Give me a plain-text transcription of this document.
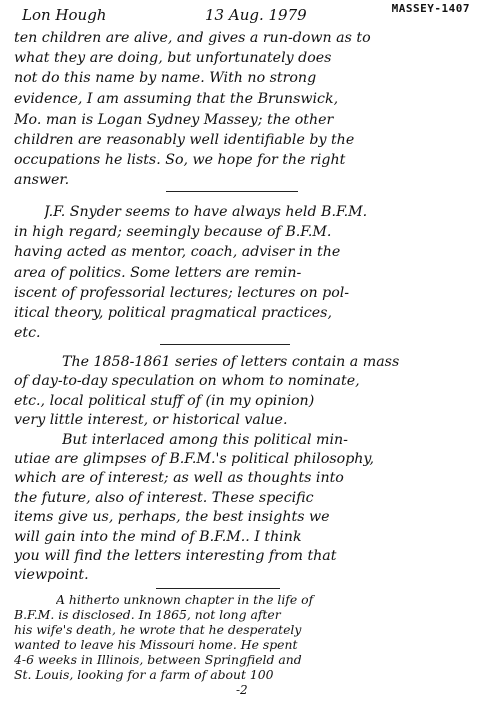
Lon Hough	13 Aug. 1979	MASSEY-1407
ten children are alive, and gives a run-down as to
what they are doing, but unfortunately does
not do this name by name. With no strong
evidence, I am assuming that the Brunswick,
Mo. man is Logan Sydney Massey; the other
children are reasonably well identifiable by the
occupations he lists. So, we hope for the right
answer.
J.F. Snyder seems to have always held B.F.M.
in high regard; seemingly because of B.F.M.
having acted as mentor, coach, adviser in the
area of politics. Some letters are remin-
iscent of professorial lectures; lectures on pol-
itical theory, political pragmatical practices,
etc.
The 1858-1861 series of letters contain a mass
of day-to-day speculation on whom to nominate,
etc., local political stuff of (in my opinion)
very little interest, or historical value.
But interlaced among this political min-
utiae are glimpses of B.F.M.'s political philosophy,
which are of interest; as well as thoughts into
the future, also of interest. These specific
items give us, perhaps, the best insights we
will gain into the mind of B.F.M.. I think
you will find the letters interesting from that
viewpoint.
A hitherto unknown chapter in the life of
B.F.M. is disclosed. In 1865, not long after
his wife's death, he wrote that he desperately
wanted to leave his Missouri home. He spent
4-6 weeks in Illinois, between Springfield and
St. Louis, looking for a farm of about 100
-2
